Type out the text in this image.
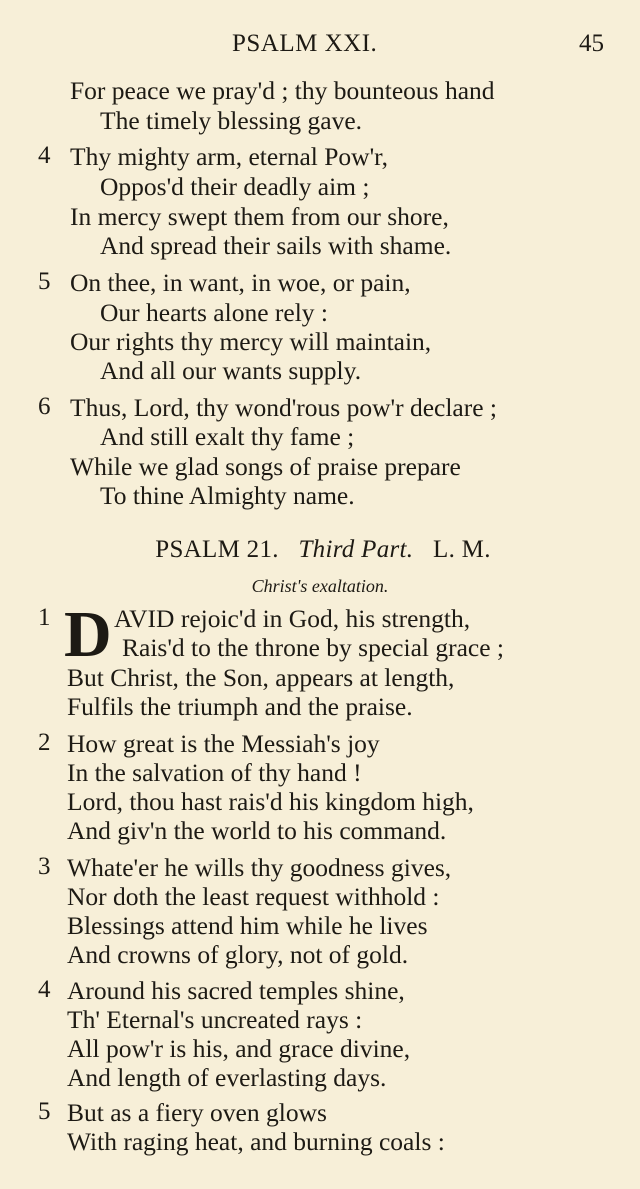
PSALM XXI.	45
For peace we pray'd ; thy bounteous hand
The timely blessing gave.
4 Thy mighty arm, eternal Pow'r,
Oppos'd their deadly aim ;
In mercy swept them from our shore,
And spread their sails with shame.
5 On thee, in want, in woe, or pain,
Our hearts alone rely :
Our rights thy mercy will maintain,
And all our wants supply.
6 Thus, Lord, thy wond'rous pow'r declare ;
And still exalt thy fame ;
While we glad songs of praise prepare
To thine Almighty name.
PSALM 21. Third Part. L. M.
Christ's exaltation.
D
1 AVID rejoic'd in God, his strength,
Rais'd to the throne by special grace ;
But Christ, the Son, appears at length,
Fulfils the triumph and the praise.
2 How great is the Messiah's joy
In the salvation of thy hand !
Lord, thou hast rais'd his kingdom high,
And giv'n the world to his command.
3 Whate'er he wills thy goodness gives,
Nor doth the least request withhold :
Blessings attend him while he lives
And crowns of glory, not of gold.
4 Around his sacred temples shine,
Th' Eternal's uncreated rays :
All pow'r is his, and grace divine,
And length of everlasting days.
5 But as a fiery oven glows
With raging heat, and burning coals :
